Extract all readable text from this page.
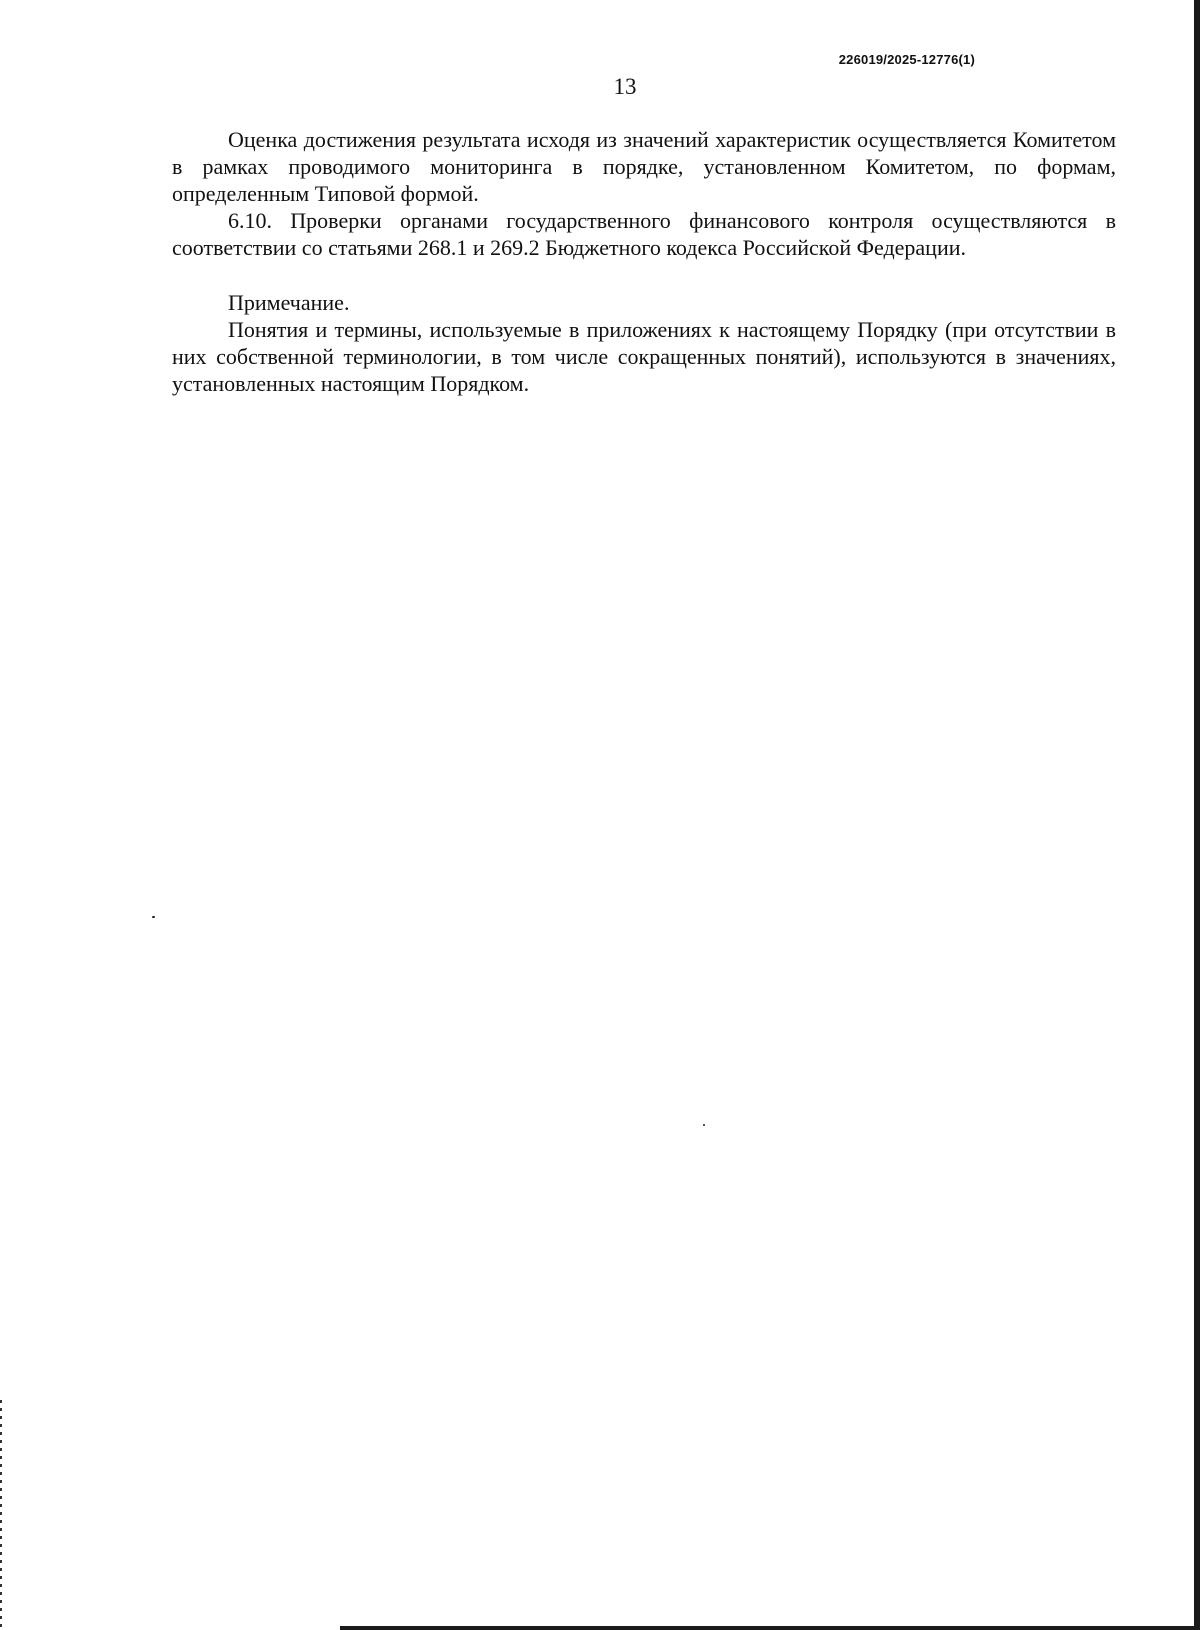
226019/2025-12776(1)
13

Оценка достижения результата исходя из значений характеристик осуществляется Комитетом в рамках проводимого мониторинга в порядке, установленном Комитетом, по формам, определенным Типовой формой.

6.10. Проверки органами государственного финансового контроля осуществляются в соответствии со статьями 268.1 и 269.2 Бюджетного кодекса Российской Федерации.

Примечание.

Понятия и термины, используемые в приложениях к настоящему Порядку (при отсутствии в них собственной терминологии, в том числе сокращенных понятий), используются в значениях, установленных настоящим Порядком.
